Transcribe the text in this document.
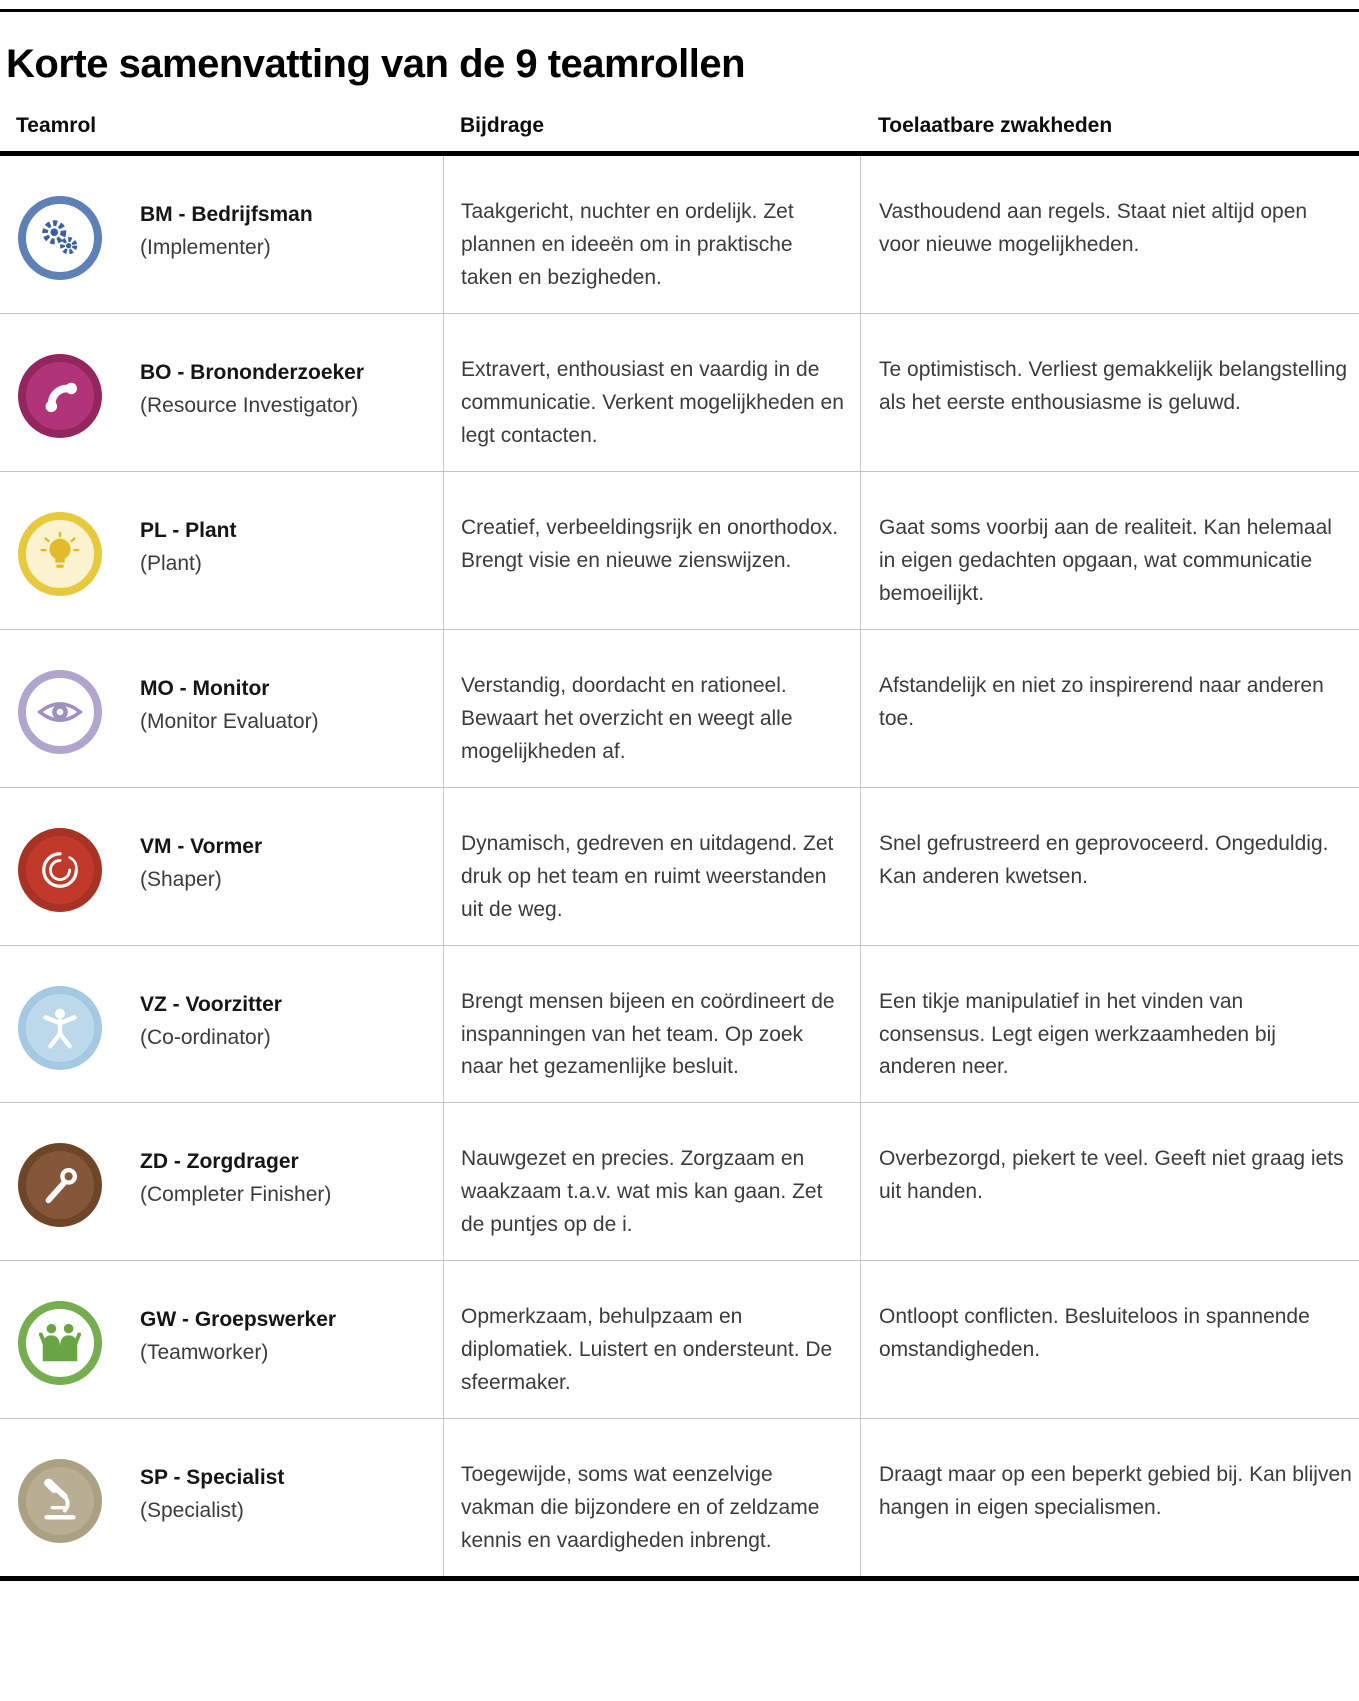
Korte samenvatting van de 9 teamrollen
Teamrol	Bijdrage	Toelaatbare zwakheden
BM - Bedrijfsman
(Implementer)
Taakgericht, nuchter en ordelijk. Zet plannen en ideeën om in praktische taken en bezigheden.
Vasthoudend aan regels. Staat niet altijd open voor nieuwe mogelijkheden.
BO - Brononderzoeker
(Resource Investigator)
Extravert, enthousiast en vaardig in de communicatie. Verkent mogelijkheden en legt contacten.
Te optimistisch. Verliest gemakkelijk belangstelling als het eerste enthousiasme is geluwd.
PL - Plant
(Plant)
Creatief, verbeeldingsrijk en onorthodox. Brengt visie en nieuwe zienswijzen.
Gaat soms voorbij aan de realiteit. Kan helemaal in eigen gedachten opgaan, wat communicatie bemoeilijkt.
MO - Monitor
(Monitor Evaluator)
Verstandig, doordacht en rationeel. Bewaart het overzicht en weegt alle mogelijkheden af.
Afstandelijk en niet zo inspirerend naar anderen toe.
VM - Vormer
(Shaper)
Dynamisch, gedreven en uitdagend. Zet druk op het team en ruimt weerstanden uit de weg.
Snel gefrustreerd en geprovoceerd. Ongeduldig. Kan anderen kwetsen.
VZ - Voorzitter
(Co-ordinator)
Brengt mensen bijeen en coördineert de inspanningen van het team. Op zoek naar het gezamenlijke besluit.
Een tikje manipulatief in het vinden van consensus. Legt eigen werkzaamheden bij anderen neer.
ZD - Zorgdrager
(Completer Finisher)
Nauwgezet en precies. Zorgzaam en waakzaam t.a.v. wat mis kan gaan. Zet de puntjes op de i.
Overbezorgd, piekert te veel. Geeft niet graag iets uit handen.
GW - Groepswerker
(Teamworker)
Opmerkzaam, behulpzaam en diplomatiek. Luistert en ondersteunt. De sfeermaker.
Ontloopt conflicten. Besluiteloos in spannende omstandigheden.
SP - Specialist
(Specialist)
Toegewijde, soms wat eenzelvige vakman die bijzondere en of zeldzame kennis en vaardigheden inbrengt.
Draagt maar op een beperkt gebied bij. Kan blijven hangen in eigen specialismen.
